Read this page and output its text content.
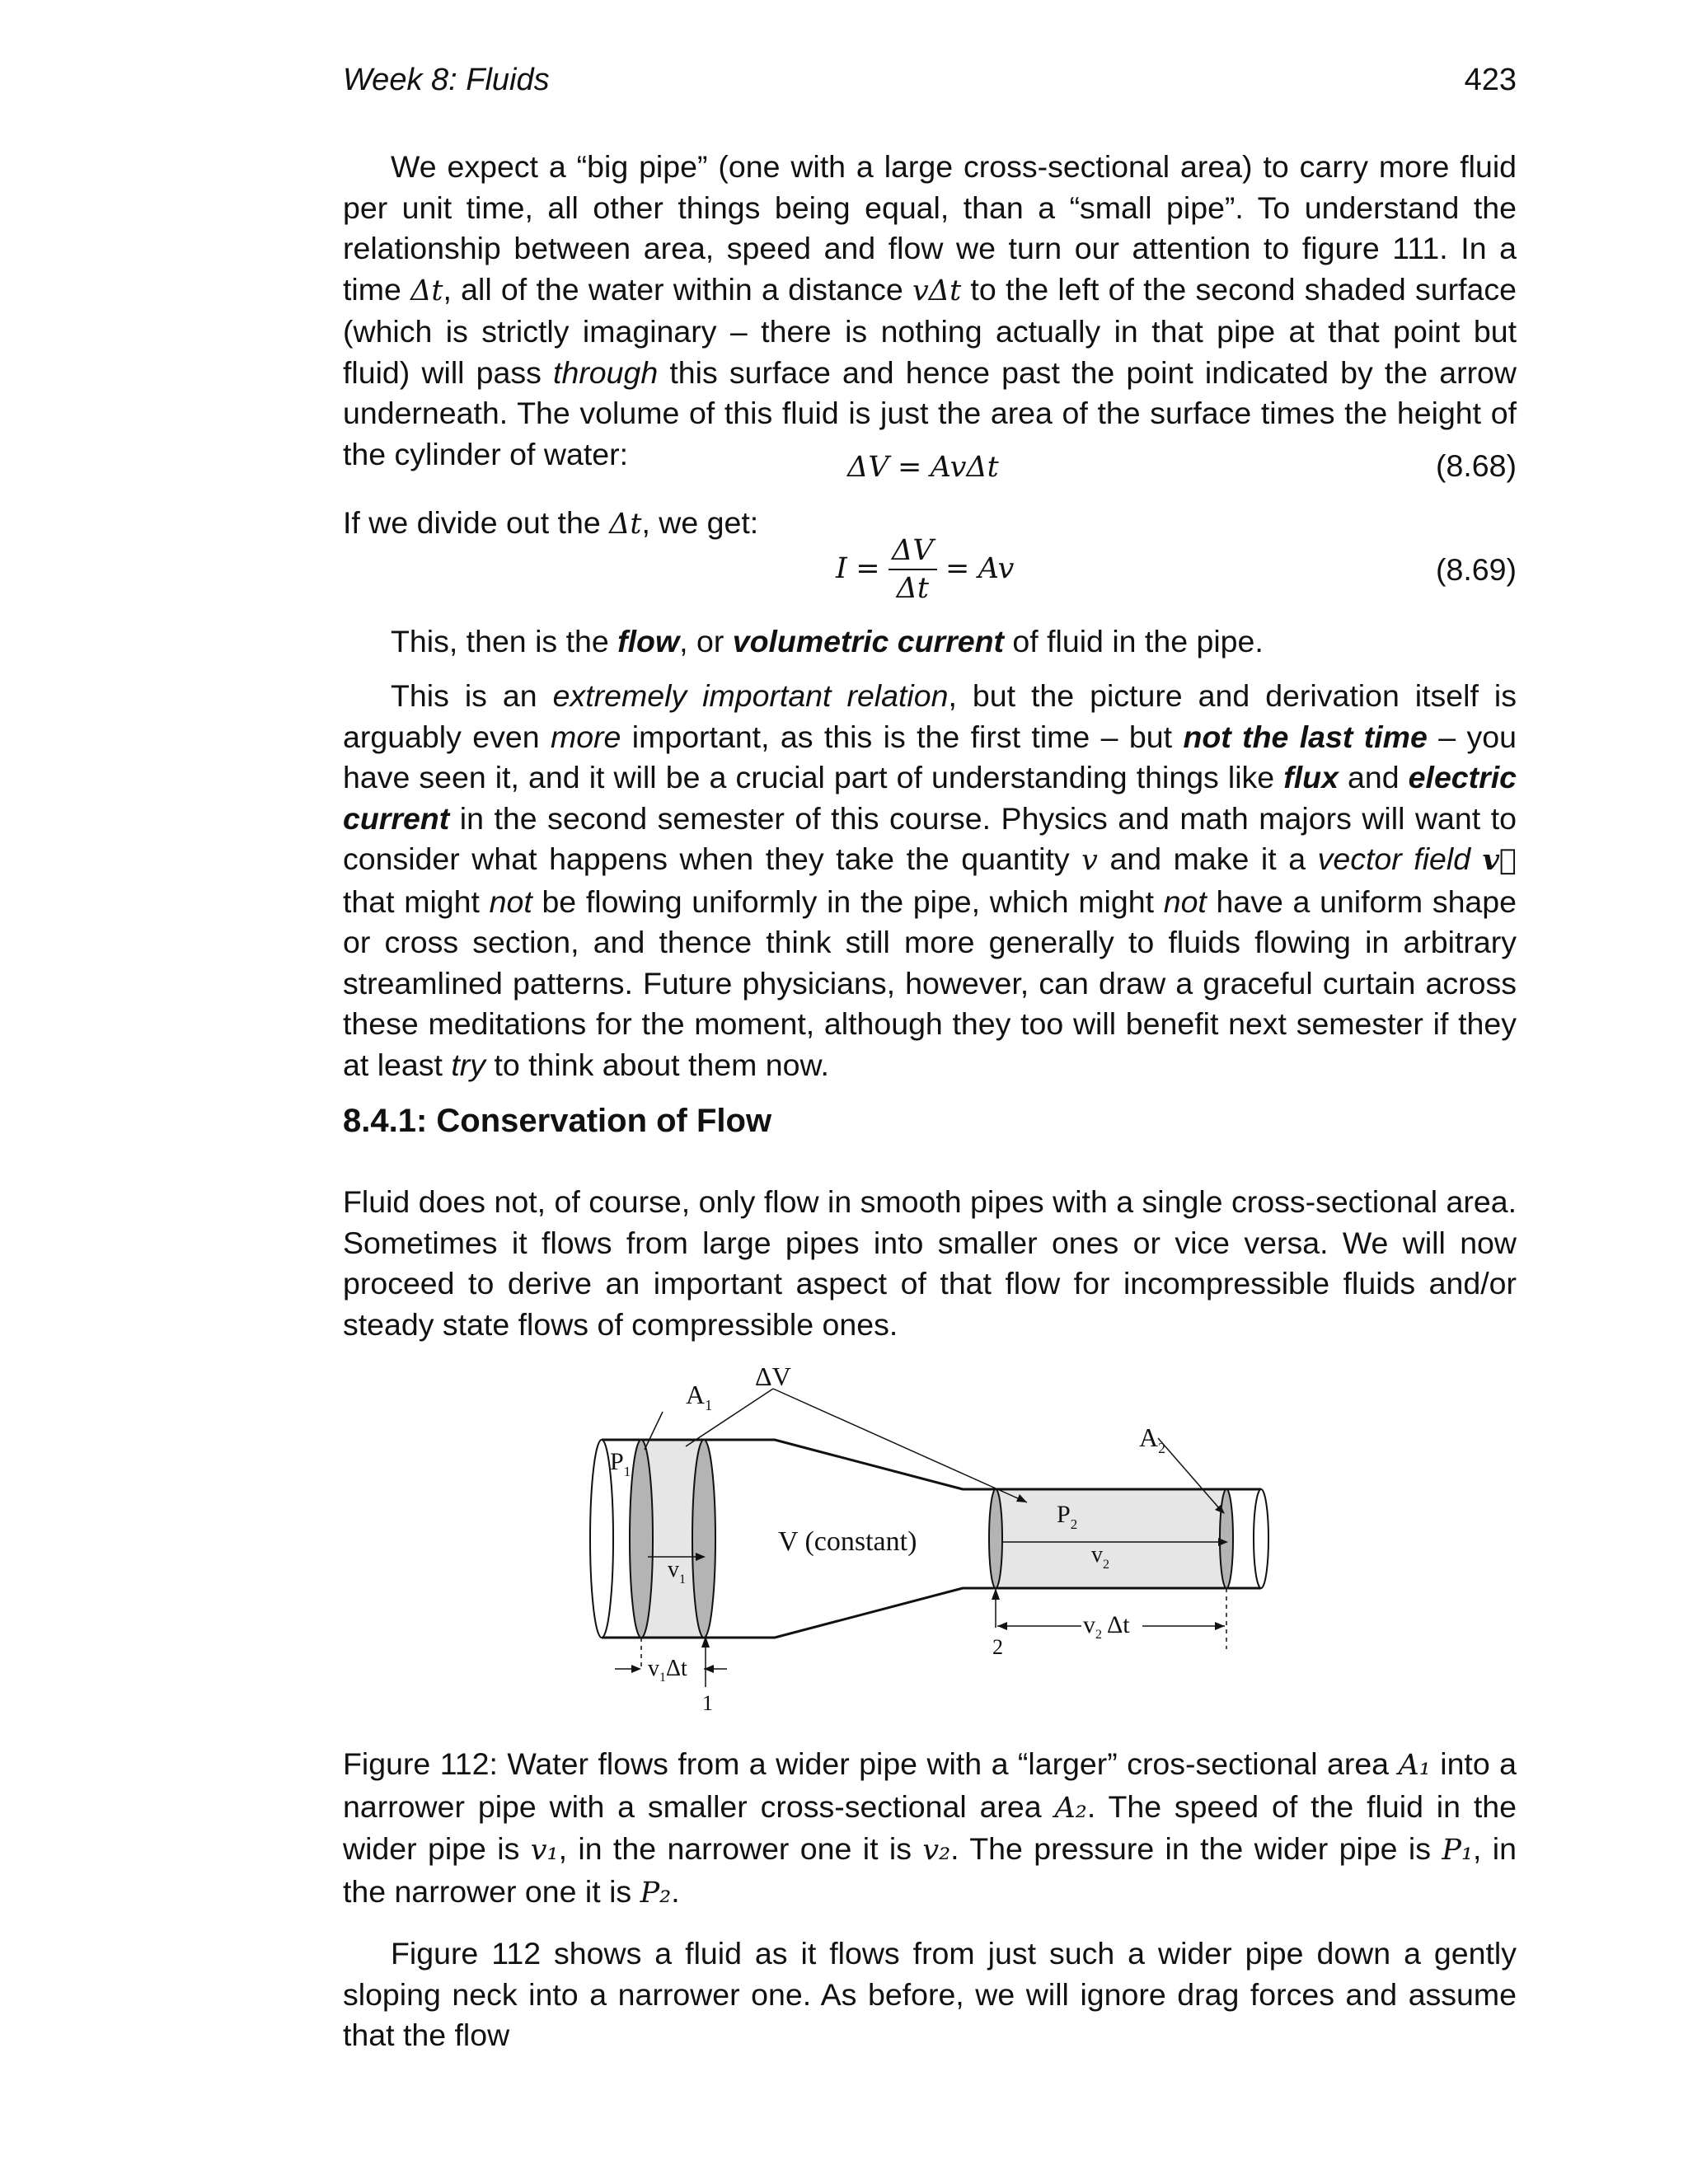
Week 8: Fluids	423
We expect a “big pipe” (one with a large cross-sectional area) to carry more fluid per unit time, all other things being equal, than a “small pipe”. To understand the relationship between area, speed and flow we turn our attention to figure 111. In a time Δt, all of the water within a distance vΔt to the left of the second shaded surface (which is strictly imaginary – there is nothing actually in that pipe at that point but fluid) will pass through this surface and hence past the point indicated by the arrow underneath. The volume of this fluid is just the area of the surface times the height of the cylinder of water:	ΔV = AvΔt	(8.68)
If we divide out the Δt, we get:
$I = \frac{\Delta V}{\Delta t} = Av$	(8.69)
This, then is the flow, or volumetric current of fluid in the pipe.
This is an extremely important relation, but the picture and derivation itself is arguably even more important, as this is the first time – but not the last time – you have seen it, and it will be a crucial part of understanding things like flux and electric current in the second semester of this course. Physics and math majors will want to consider what happens when they take the quantity v and make it a vector field v⃗ that might not be flowing uniformly in the pipe, which might not have a uniform shape or cross section, and thence think still more generally to fluids flowing in arbitrary streamlined patterns. Future physicians, however, can draw a graceful curtain across these meditations for the moment, although they too will benefit next semester if they at least try to think about them now.
8.4.1: Conservation of Flow
Fluid does not, of course, only flow in smooth pipes with a single cross-sectional area. Sometimes it flows from large pipes into smaller ones or vice versa. We will now proceed to derive an important aspect of that flow for incompressible fluids and/or steady state flows of compressible ones.
ΔV
$A_1$
$P_1$
$v_1$
V (constant)
$A_2$
$P_2$
$v_2$
$v_1\Delta t$
$v_2$ Δt
1
2
Figure 112: Water flows from a wider pipe with a “larger” cros-sectional area A₁ into a narrower pipe with a smaller cross-sectional area A₂. The speed of the fluid in the wider pipe is v₁, in the narrower one it is v₂. The pressure in the wider pipe is P₁, in the narrower one it is P₂.
Figure 112 shows a fluid as it flows from just such a wider pipe down a gently sloping neck into a narrower one. As before, we will ignore drag forces and assume that the flow
